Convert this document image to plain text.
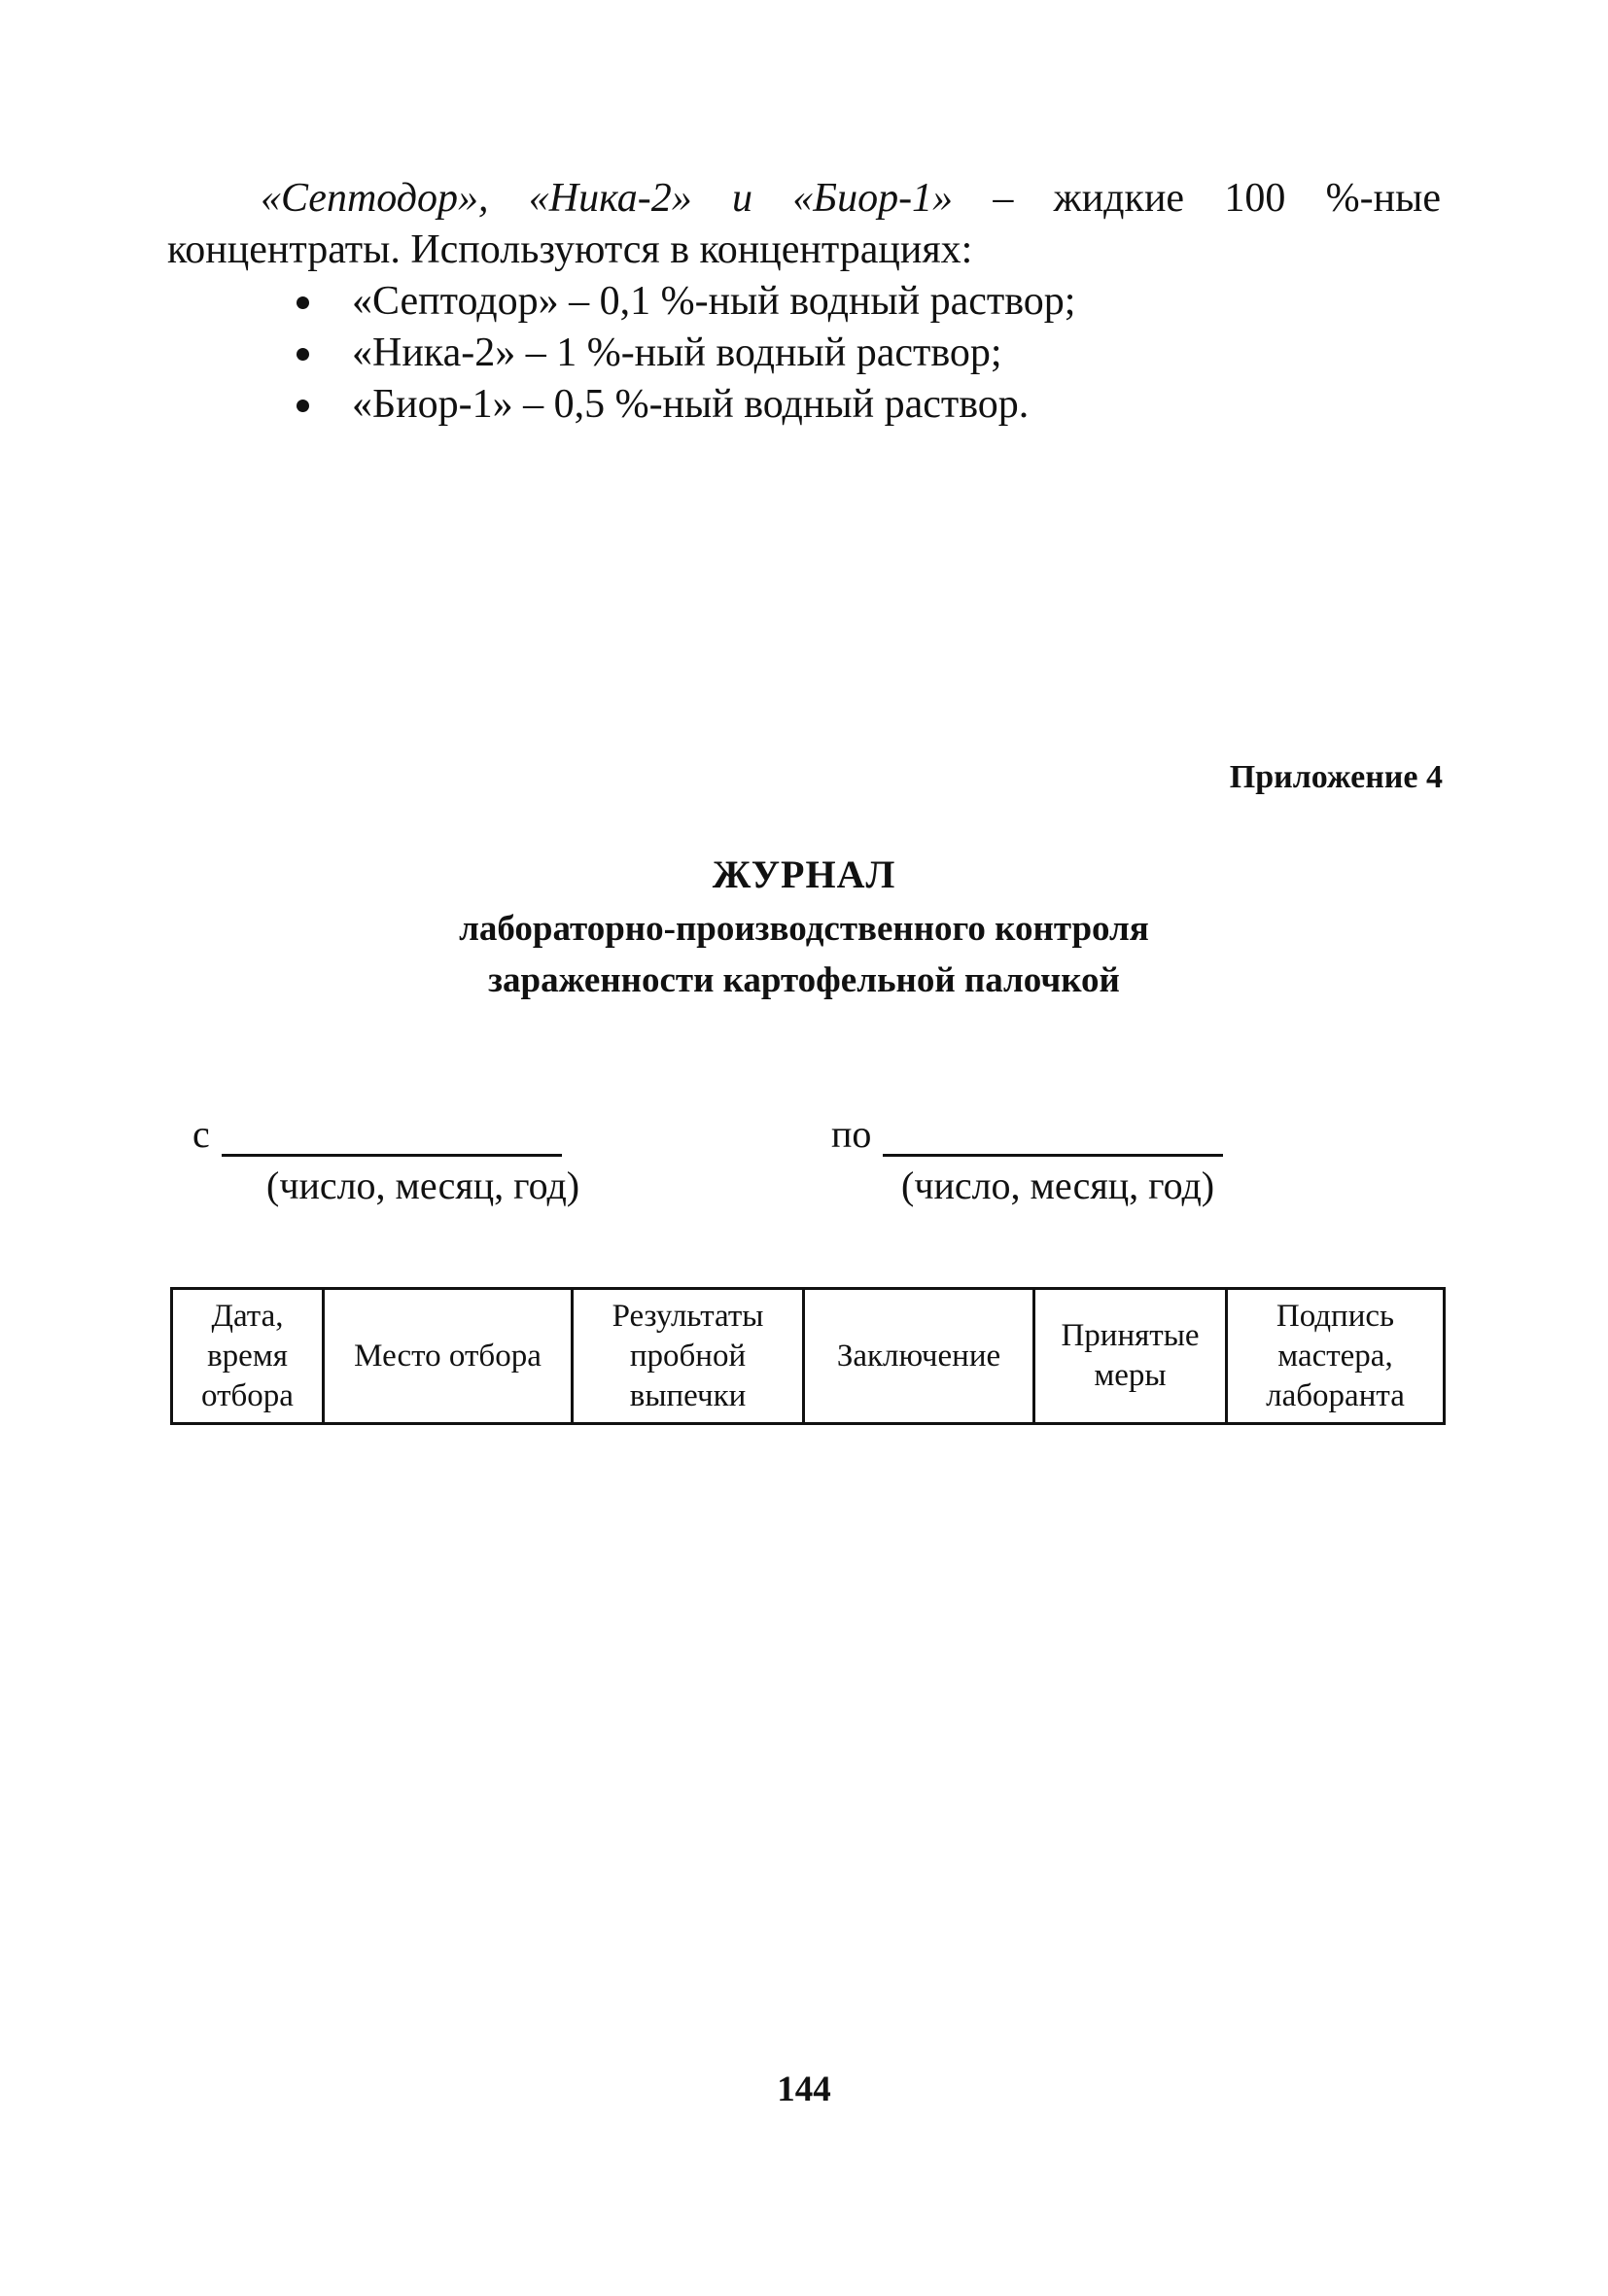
«Септодор», «Ника-2» и «Биор-1» – жидкие 100 %-ные концентраты. Используются в концентрациях:

«Септодор» – 0,1 %-ный водный раствор;
«Ника-2» – 1 %-ный водный раствор;
«Биор-1» – 0,5 %-ный водный раствор.
Приложение 4
ЖУРНАЛ
лабораторно-производственного контроля
зараженности картофельной палочкой
с
(число, месяц, год)
по
(число, месяц, год)
Дата, время отбора	Место отбора	Результаты пробной выпечки	Заключение	Принятые меры	Подпись мастера, лаборанта
144
